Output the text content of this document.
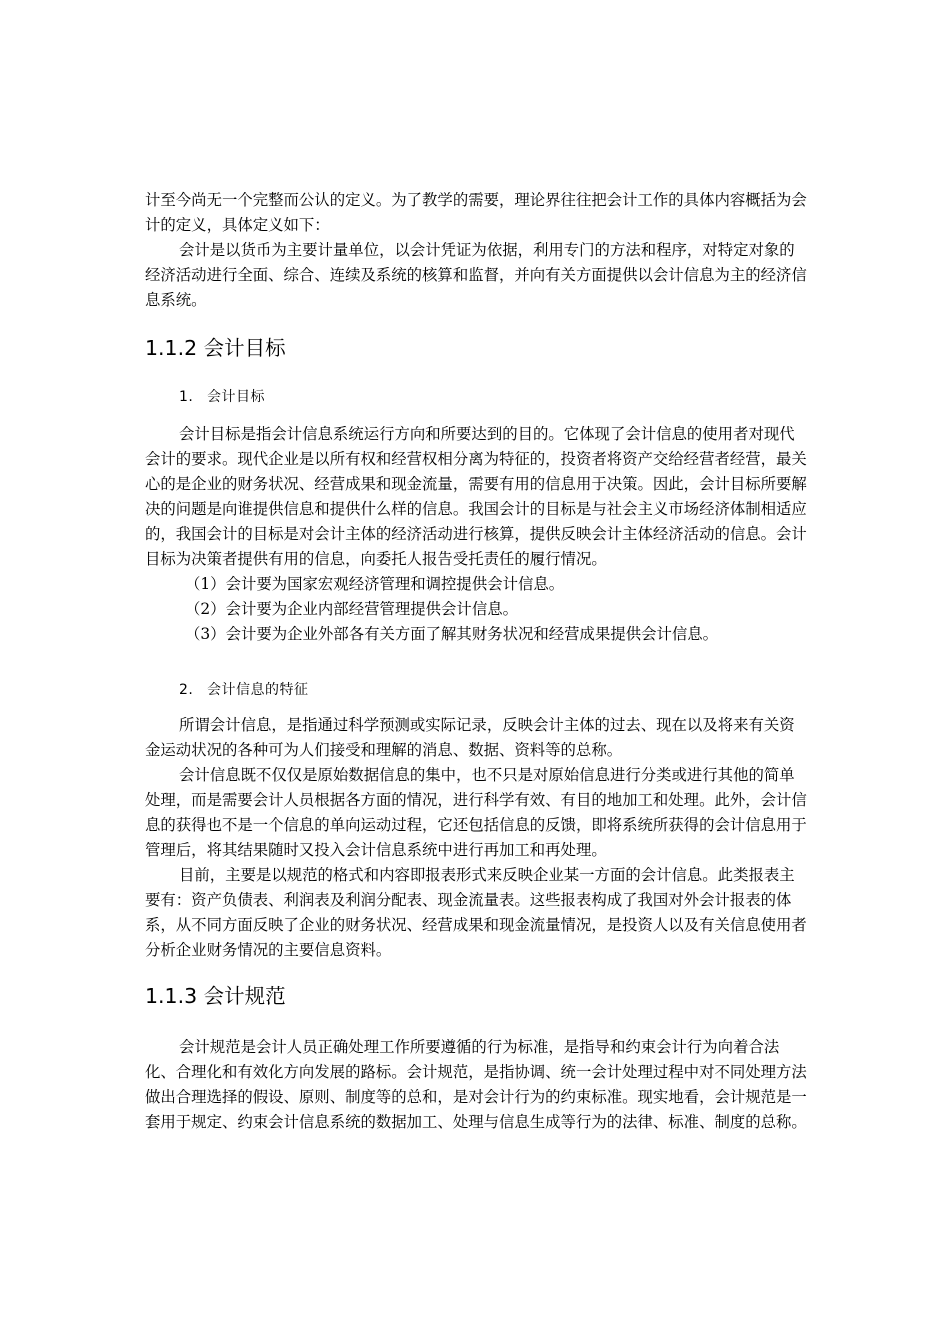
计至今尚无一个完整而公认的定义。为了教学的需要，理论界往往把会计工作的具体内容概括为会计的定义，具体定义如下：

会计是以货币为主要计量单位，以会计凭证为依据，利用专门的方法和程序，对特定对象的经济活动进行全面、综合、连续及系统的核算和监督，并向有关方面提供以会计信息为主的经济信息系统。

1.1.2 会计目标
1. 会计目标

会计目标是指会计信息系统运行方向和所要达到的目的。它体现了会计信息的使用者对现代会计的要求。现代企业是以所有权和经营权相分离为特征的，投资者将资产交给经营者经营，最关心的是企业的财务状况、经营成果和现金流量，需要有用的信息用于决策。因此，会计目标所要解决的问题是向谁提供信息和提供什么样的信息。我国会计的目标是与社会主义市场经济体制相适应的，我国会计的目标是对会计主体的经济活动进行核算，提供反映会计主体经济活动的信息。会计目标为决策者提供有用的信息，向委托人报告受托责任的履行情况。

（1）会计要为国家宏观经济管理和调控提供会计信息。

（2）会计要为企业内部经营管理提供会计信息。

（3）会计要为企业外部各有关方面了解其财务状况和经营成果提供会计信息。

2. 会计信息的特征

所谓会计信息，是指通过科学预测或实际记录，反映会计主体的过去、现在以及将来有关资金运动状况的各种可为人们接受和理解的消息、数据、资料等的总称。

会计信息既不仅仅是原始数据信息的集中，也不只是对原始信息进行分类或进行其他的简单处理，而是需要会计人员根据各方面的情况，进行科学有效、有目的地加工和处理。此外，会计信息的获得也不是一个信息的单向运动过程，它还包括信息的反馈，即将系统所获得的会计信息用于管理后，将其结果随时又投入会计信息系统中进行再加工和再处理。

目前，主要是以规范的格式和内容即报表形式来反映企业某一方面的会计信息。此类报表主要有：资产负债表、利润表及利润分配表、现金流量表。这些报表构成了我国对外会计报表的体系，从不同方面反映了企业的财务状况、经营成果和现金流量情况，是投资人以及有关信息使用者分析企业财务情况的主要信息资料。

1.1.3 会计规范

会计规范是会计人员正确处理工作所要遵循的行为标准，是指导和约束会计行为向着合法化、合理化和有效化方向发展的路标。会计规范，是指协调、统一会计处理过程中对不同处理方法做出合理选择的假设、原则、制度等的总和，是对会计行为的约束标准。现实地看，会计规范是一套用于规定、约束会计信息系统的数据加工、处理与信息生成等行为的法律、标准、制度的总称。
